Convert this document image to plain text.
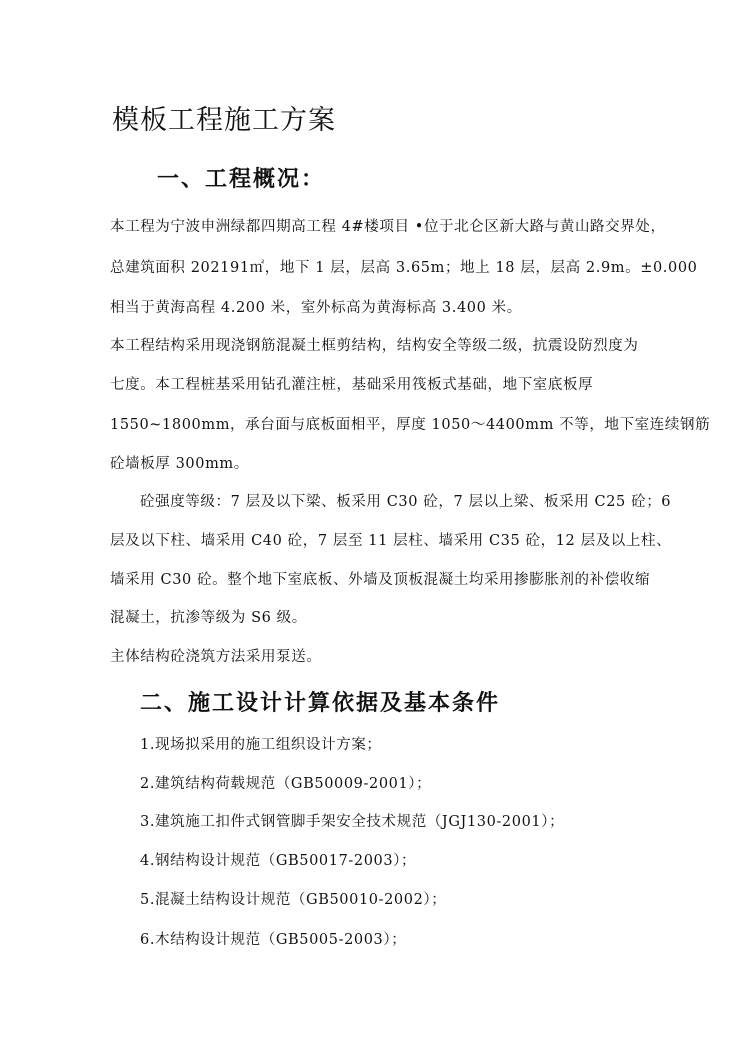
模板工程施工方案
一、工程概况：

本工程为宁波申洲绿都四期高工程 4#楼项目 •位于北仑区新大路与黄山路交界处，

总建筑面积 202191㎡，地下 1 层，层高 3.65m；地上 18 层，层高 2.9m。±0.000

相当于黄海高程 4.200 米，室外标高为黄海标高 3.400 米。

本工程结构采用现浇钢筋混凝土框剪结构，结构安全等级二级，抗震设防烈度为

七度。本工程桩基采用钻孔灌注桩，基础采用筏板式基础，地下室底板厚

1550~1800mm，承台面与底板面相平，厚度 1050～4400mm 不等，地下室连续钢筋

砼墙板厚 300mm。

砼强度等级：7 层及以下梁、板采用 C30 砼，7 层以上梁、板采用 C25 砼；6

层及以下柱、墙采用 C40 砼，7 层至 11 层柱、墙采用 C35 砼，12 层及以上柱、

墙采用 C30 砼。整个地下室底板、外墙及顶板混凝土均采用掺膨胀剂的补偿收缩

混凝土，抗渗等级为 S6 级。

主体结构砼浇筑方法采用泵送。

二、施工设计计算依据及基本条件

1.现场拟采用的施工组织设计方案；

2.建筑结构荷载规范（GB50009-2001）；

3.建筑施工扣件式钢管脚手架安全技术规范（JGJ130-2001）；

4.钢结构设计规范（GB50017-2003）；

5.混凝土结构设计规范（GB50010-2002）；

6.木结构设计规范（GB5005-2003）；
